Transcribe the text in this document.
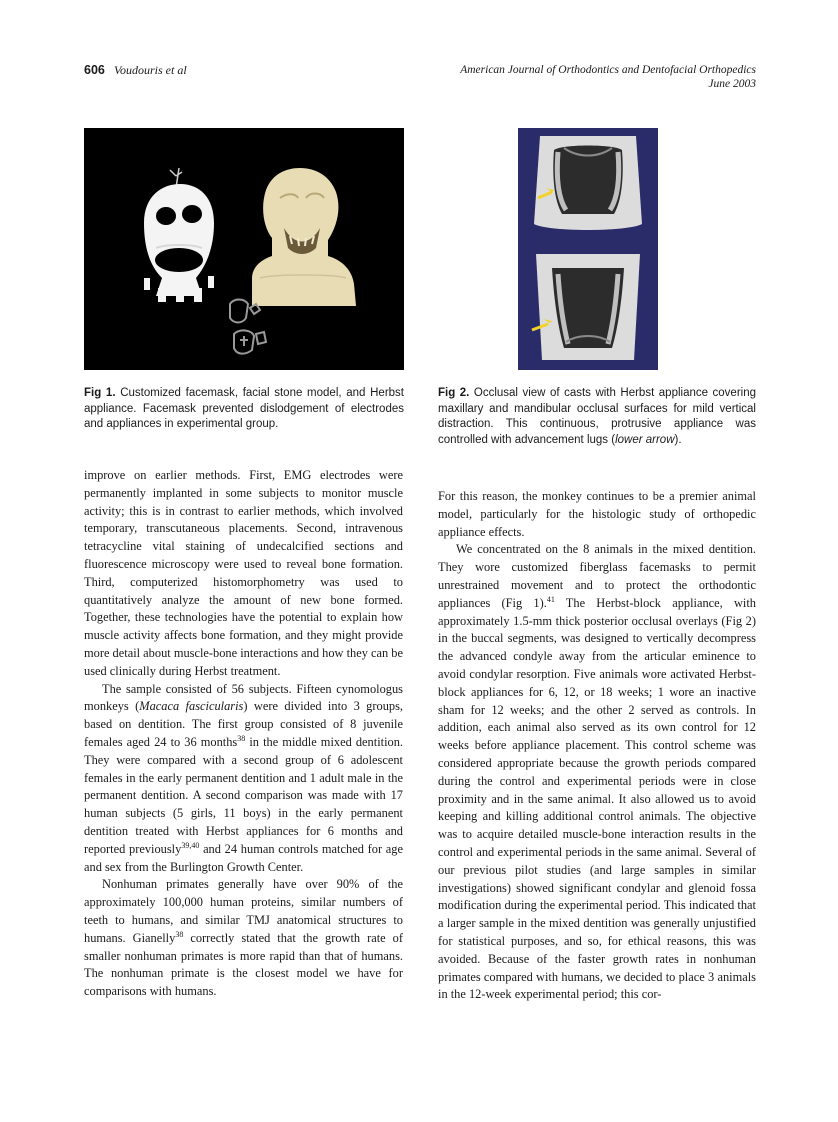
606 Voudouris et al	American Journal of Orthodontics and Dentofacial Orthopedics
June 2003
Fig 1. Customized facemask, facial stone model, and Herbst appliance. Facemask prevented dislodgement of electrodes and appliances in experimental group.
Fig 2. Occlusal view of casts with Herbst appliance covering maxillary and mandibular occlusal surfaces for mild vertical distraction. This continuous, protrusive appliance was controlled with advancement lugs (lower arrow).

improve on earlier methods. First, EMG electrodes were permanently implanted in some subjects to monitor muscle activity; this is in contrast to earlier methods, which involved temporary, transcutaneous placements. Second, intravenous tetracycline vital staining of undecalcified sections and fluorescence microscopy were used to reveal bone formation. Third, computerized histomorphometry was used to quantitatively analyze the amount of new bone formed. Together, these technologies have the potential to explain how muscle activity affects bone formation, and they might provide more detail about muscle-bone interactions and how they can be used clinically during Herbst treatment.

The sample consisted of 56 subjects. Fifteen cynomologus monkeys (Macaca fascicularis) were divided into 3 groups, based on dentition. The first group consisted of 8 juvenile females aged 24 to 36 months$^{38}$ in the middle mixed dentition. They were compared with a second group of 6 adolescent females in the early permanent dentition and 1 adult male in the permanent dentition. A second comparison was made with 17 human subjects (5 girls, 11 boys) in the early permanent dentition treated with Herbst appliances for 6 months and reported previously$^{39,40}$ and 24 human controls matched for age and sex from the Burlington Growth Center.

Nonhuman primates generally have over 90% of the approximately 100,000 human proteins, similar numbers of teeth to humans, and similar TMJ anatomical structures to humans. Gianelly$^{38}$ correctly stated that the growth rate of smaller nonhuman primates is more rapid than that of humans. The nonhuman primate is the closest model we have for comparisons with humans.

For this reason, the monkey continues to be a premier animal model, particularly for the histologic study of orthopedic appliance effects.

We concentrated on the 8 animals in the mixed dentition. They wore customized fiberglass facemasks to permit unrestrained movement and to protect the orthodontic appliances (Fig 1).$^{41}$ The Herbst-block appliance, with approximately 1.5-mm thick posterior occlusal overlays (Fig 2) in the buccal segments, was designed to vertically decompress the advanced condyle away from the articular eminence to avoid condylar resorption. Five animals wore activated Herbst-block appliances for 6, 12, or 18 weeks; 1 wore an inactive sham for 12 weeks; and the other 2 served as controls. In addition, each animal also served as its own control for 12 weeks before appliance placement. This control scheme was considered appropriate because the growth periods compared during the control and experimental periods were in close proximity and in the same animal. It also allowed us to avoid keeping and killing additional control animals. The objective was to acquire detailed muscle-bone interaction results in the control and experimental periods in the same animal. Several of our previous pilot studies (and large samples in similar investigations) showed significant condylar and glenoid fossa modification during the experimental period. This indicated that a larger sample in the mixed dentition was generally unjustified for statistical purposes, and so, for ethical reasons, this was avoided. Because of the faster growth rates in nonhuman primates compared with humans, we decided to place 3 animals in the 12-week experimental period; this cor-
